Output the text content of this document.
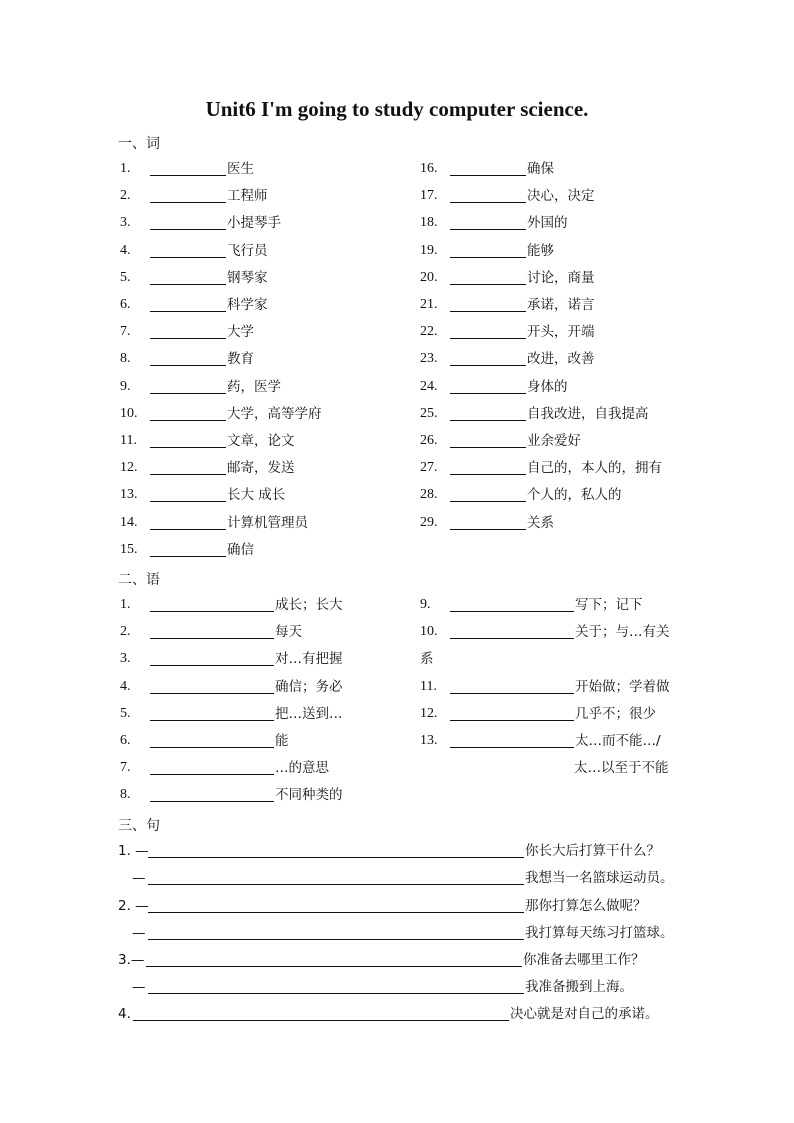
Unit6 I'm going to study computer science.
一、词
二、语
三、句
1.	医生
2.	工程师
3.	小提琴手
4.	飞行员
5.	钢琴家
6.	科学家
7.	大学
8.	教育
9.	药，医学
10.	大学，高等学府
11.	文章，论文
12.	邮寄，发送
13.	长大 成长
14.	计算机管理员
15.	确信
16.	确保
17.	决心，决定
18.	外国的
19.	能够
20.	讨论，商量
21.	承诺，诺言
22.	开头，开端
23.	改进，改善
24.	身体的
25.	自我改进，自我提高
26.	业余爱好
27.	自己的，本人的，拥有
28.	个人的，私人的
29.	关系
1.	成长；长大
2.	每天
3.	对…有把握
4.	确信；务必
5.	把…送到…
6.	能
7.	…的意思
8.	不同种类的
9.	写下；记下
10.	关于；与…有关
系
11.	开始做；学着做
12.	几乎不；很少
13.	太…而不能…/
太…以至于不能
1. —	你长大后打算干什么？
—	我想当一名篮球运动员。
2. —	那你打算怎么做呢？
—	我打算每天练习打篮球。
3.—	你准备去哪里工作？
—	我准备搬到上海。
4.	决心就是对自己的承诺。
